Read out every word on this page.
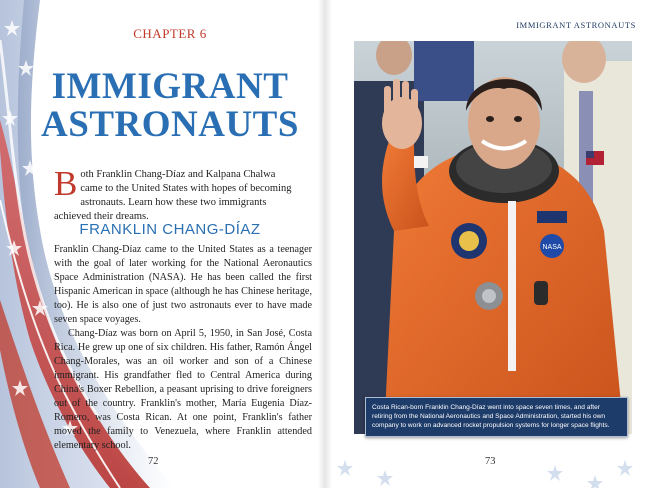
CHAPTER 6
IMMIGRANT
ASTRONAUTS
Both Franklin Chang-Díaz and Kalpana Chalwa came to the United States with hopes of becoming astronauts. Learn how these two immigrants achieved their dreams.
FRANKLIN CHANG-DÍAZ

Franklin Chang-Díaz came to the United States as a teenager with the goal of later working for the National Aeronautics Space Administration (NASA). He has been called the first Hispanic American in space (although he has Chinese heritage, too). He is also one of just two astronauts ever to have made seven space voyages.

Chang-Díaz was born on April 5, 1950, in San José, Costa Rica. He grew up one of six children. His father, Ramón Ángel Chang-Morales, was an oil worker and son of a Chinese immigrant. His grandfather fled to Central America during China's Boxer Rebellion, a peasant uprising to drive foreigners out of the country. Franklin's mother, María Eugenia Díaz-Romero, was Costa Rican. At one point, Franklin's father moved the family to Venezuela, where Franklin attended elementary school.

72
IMMIGRANT ASTRONAUTS
NASA
Costa Rican-born Franklin Chang-Díaz went into space seven times, and after retiring from the National Aeronautics and Space Administration, started his own company to work on advanced rocket propulsion systems for longer space flights.
73
